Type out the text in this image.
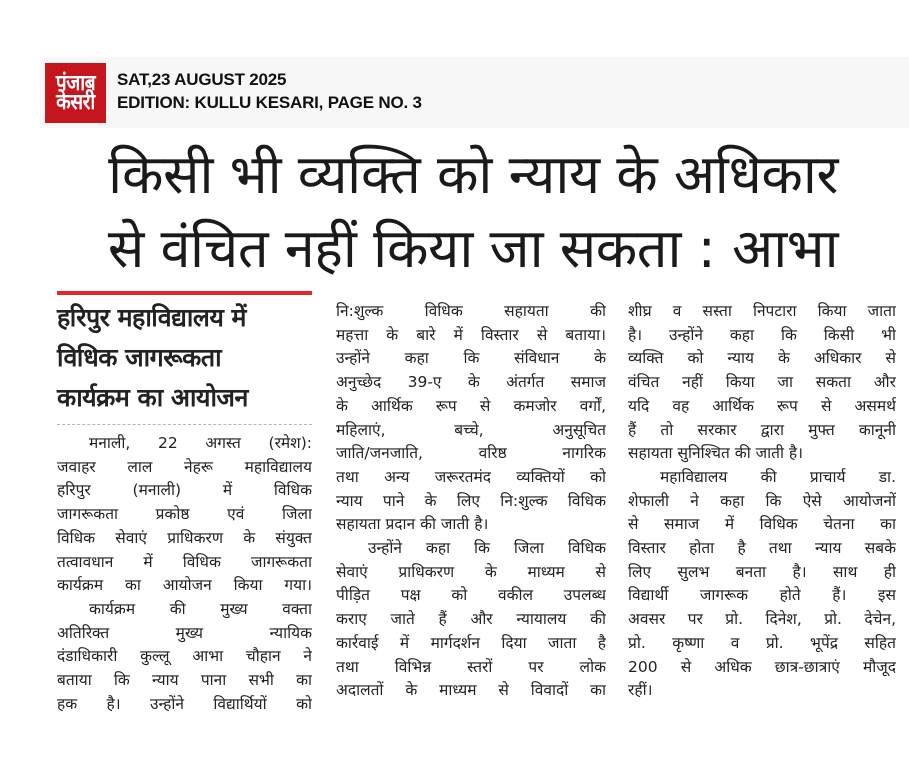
पंजाब
केसरी
SAT,23 AUGUST 2025
EDITION: KULLU KESARI, PAGE NO. 3
किसी भी व्यक्ति को न्याय के अधिकार
से वंचित नहीं किया जा सकता : आभा
हरिपुर महाविद्यालय में
विधिक जागरूकता
कार्यक्रम का आयोजन
मनाली, 22 अगस्त (रमेश):
जवाहर लाल नेहरू महाविद्यालय
हरिपुर (मनाली) में विधिक
जागरूकता प्रकोष्ठ एवं जिला
विधिक सेवाएं प्राधिकरण के संयुक्त
तत्वावधान में विधिक जागरूकता
कार्यक्रम का आयोजन किया गया।
कार्यक्रम की मुख्य वक्ता
अतिरिक्त मुख्य न्यायिक
दंडाधिकारी कुल्लू आभा चौहान ने
बताया कि न्याय पाना सभी का
हक है। उन्होंने विद्यार्थियों को
नि:शुल्क विधिक सहायता की
महत्ता के बारे में विस्तार से बताया।
उन्होंने कहा कि संविधान के
अनुच्छेद 39-ए के अंतर्गत समाज
के आर्थिक रूप से कमजोर वर्गों,
महिलाएं, बच्चे, अनुसूचित
जाति/जनजाति, वरिष्ठ नागरिक
तथा अन्य जरूरतमंद व्यक्तियों को
न्याय पाने के लिए नि:शुल्क विधिक
सहायता प्रदान की जाती है।
उन्होंने कहा कि जिला विधिक
सेवाएं प्राधिकरण के माध्यम से
पीड़ित पक्ष को वकील उपलब्ध
कराए जाते हैं और न्यायालय की
कार्रवाई में मार्गदर्शन दिया जाता है
तथा विभिन्न स्तरों पर लोक
अदालतों के माध्यम से विवादों का
शीघ्र व सस्ता निपटारा किया जाता
है। उन्होंने कहा कि किसी भी
व्यक्ति को न्याय के अधिकार से
वंचित नहीं किया जा सकता और
यदि वह आर्थिक रूप से असमर्थ
हैं तो सरकार द्वारा मुफ्त कानूनी
सहायता सुनिश्चित की जाती है।
महाविद्यालय की प्राचार्य डा.
शेफाली ने कहा कि ऐसे आयोजनों
से समाज में विधिक चेतना का
विस्तार होता है तथा न्याय सबके
लिए सुलभ बनता है। साथ ही
विद्यार्थी जागरूक होते हैं। इस
अवसर पर प्रो. दिनेश, प्रो. देचेन,
प्रो. कृष्णा व प्रो. भूपेंद्र सहित
200 से अधिक छात्र-छात्राएं मौजूद
रहीं।
